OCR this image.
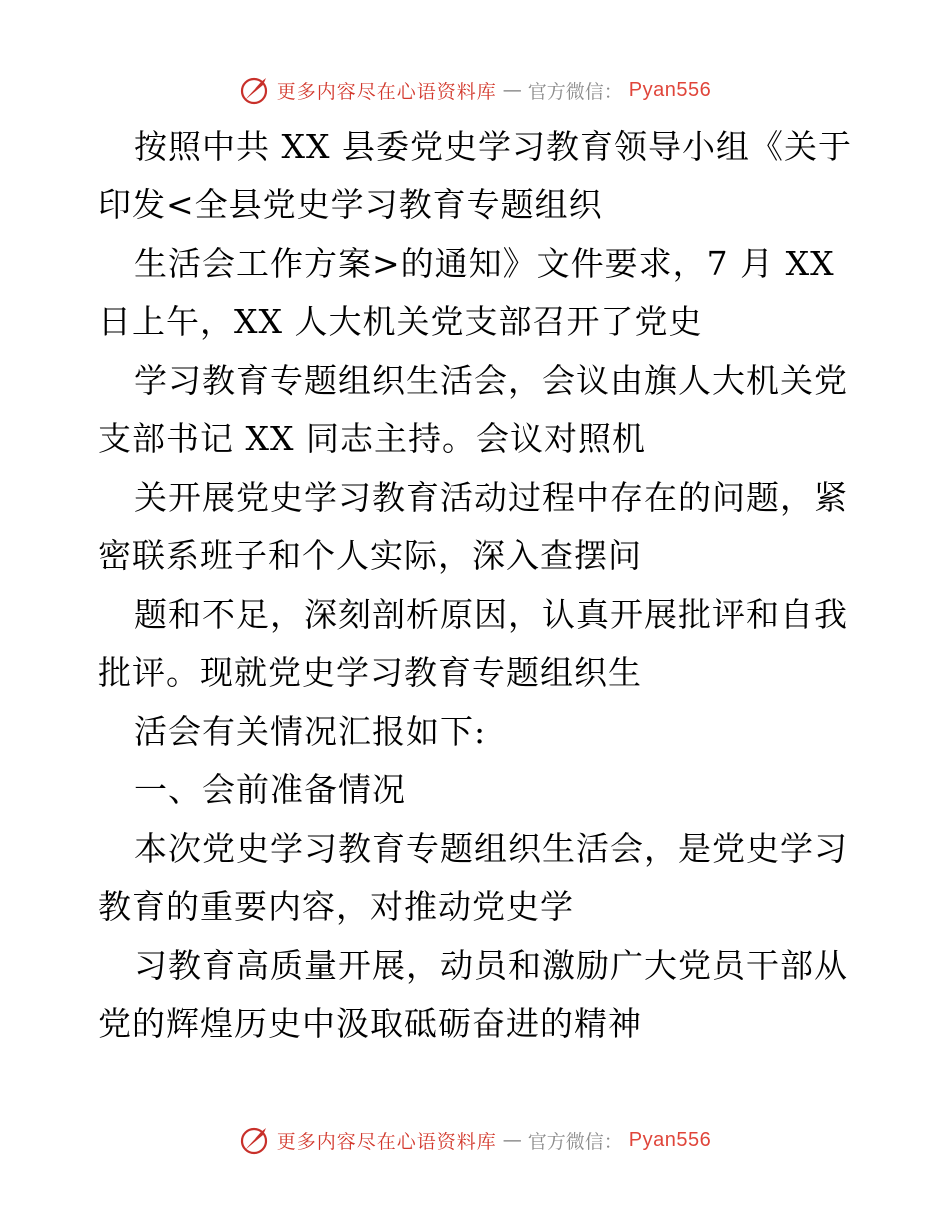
更多内容尽在心语资料库 — 官方微信： Pyan556
按照中共 XX 县委党史学习教育领导小组《关于
印发<全县党史学习教育专题组织
生活会工作方案>的通知》文件要求，7 月 XX
日上午，XX 人大机关党支部召开了党史
学习教育专题组织生活会，会议由旗人大机关党
支部书记 XX 同志主持。会议对照机
关开展党史学习教育活动过程中存在的问题，紧
密联系班子和个人实际，深入查摆问
题和不足，深刻剖析原因，认真开展批评和自我
批评。现就党史学习教育专题组织生
活会有关情况汇报如下:
一、会前准备情况
本次党史学习教育专题组织生活会，是党史学习
教育的重要内容，对推动党史学
习教育高质量开展，动员和激励广大党员干部从
党的辉煌历史中汲取砥砺奋进的精神
更多内容尽在心语资料库 — 官方微信： Pyan556
